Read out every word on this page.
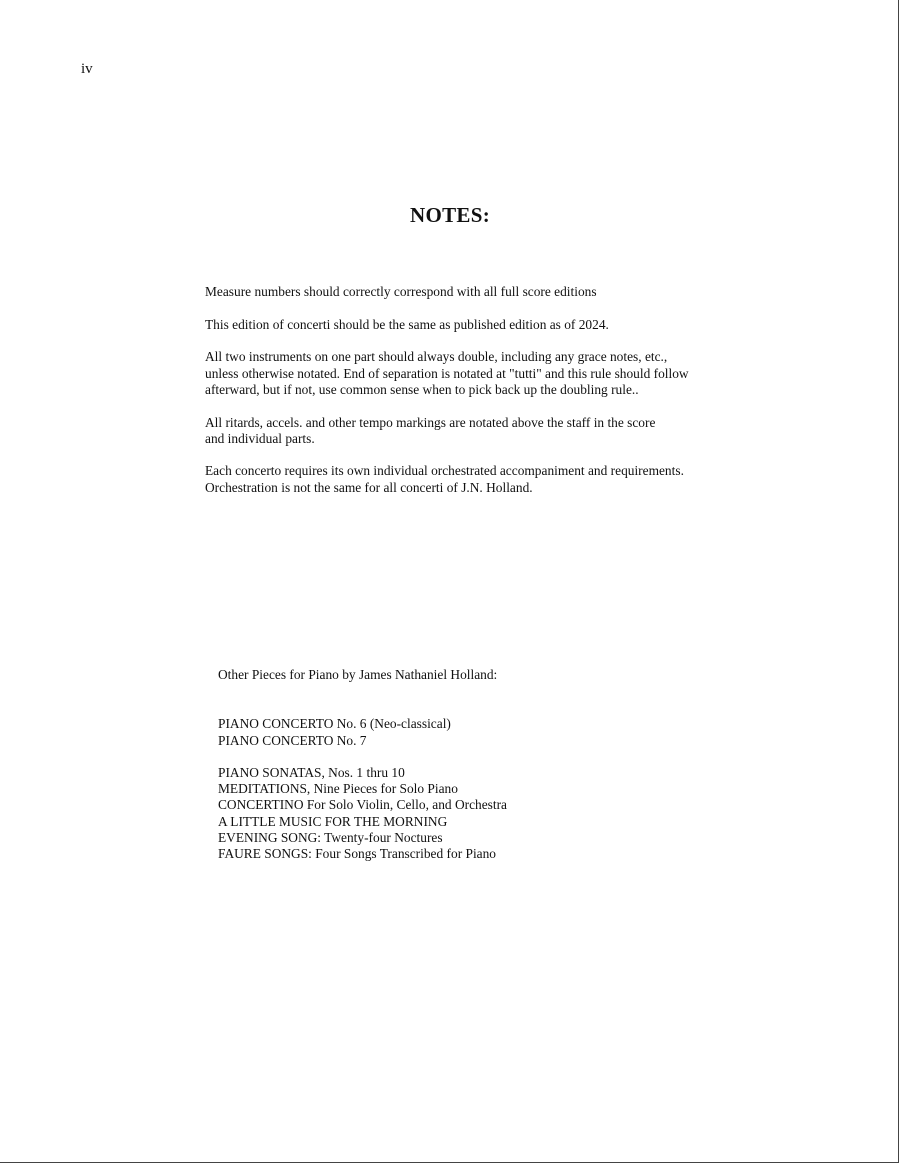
iv
NOTES:

Measure numbers should correctly correspond with all full score editions

This edition of concerti should be the same as published edition as of 2024.

All two instruments on one part should always double, including any grace notes, etc.,
unless otherwise notated. End of separation is notated at "tutti" and this rule should follow
afterward, but if not, use common sense when to pick back up the doubling rule..

All ritards, accels. and other tempo markings are notated above the staff in the score
and individual parts.

Each concerto requires its own individual orchestrated accompaniment and requirements.
Orchestration is not the same for all concerti of J.N. Holland.

Other Pieces for Piano by James Nathaniel Holland:
PIANO CONCERTO No. 6 (Neo-classical)
PIANO CONCERTO No. 7
PIANO SONATAS, Nos. 1 thru 10
MEDITATIONS, Nine Pieces for Solo Piano
CONCERTINO For Solo Violin, Cello, and Orchestra
A LITTLE MUSIC FOR THE MORNING
EVENING SONG: Twenty-four Noctures
FAURE SONGS: Four Songs Transcribed for Piano
